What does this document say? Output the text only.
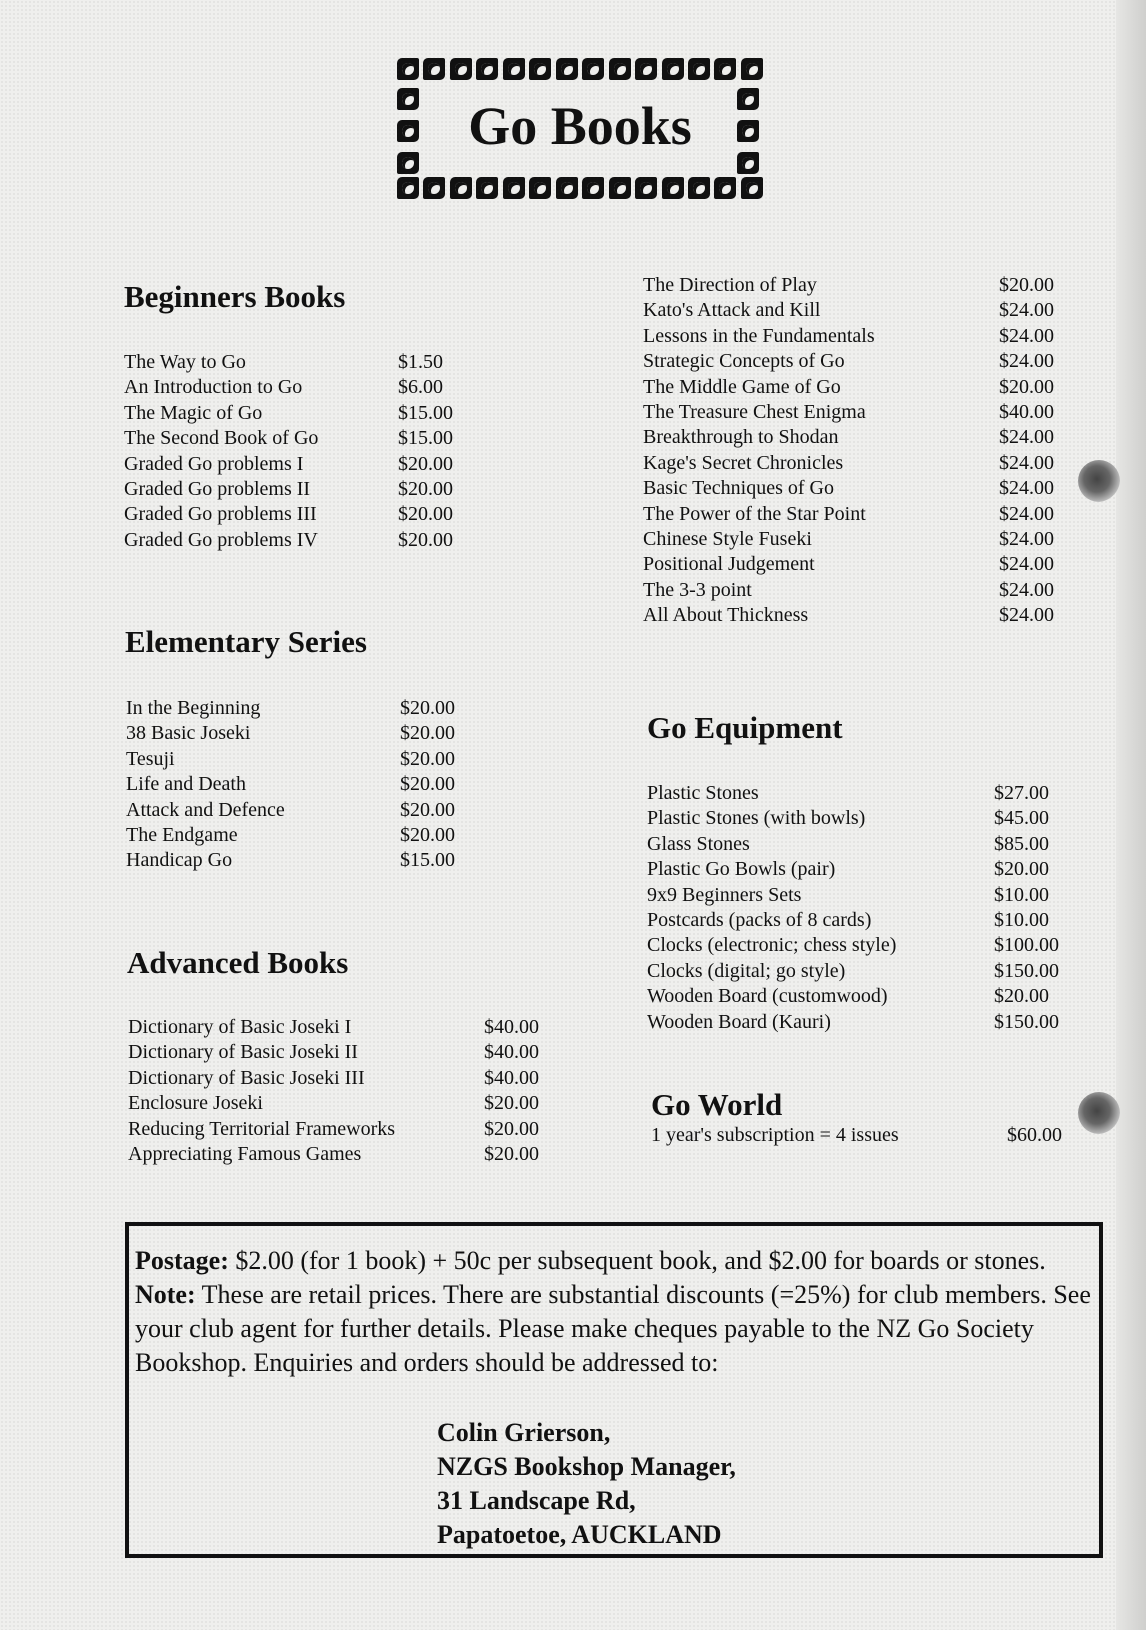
Go Books
Beginners Books
The Way to Go	$1.50
An Introduction to Go	$6.00
The Magic of Go	$15.00
The Second Book of Go	$15.00
Graded Go problems I	$20.00
Graded Go problems II	$20.00
Graded Go problems III	$20.00
Graded Go problems IV	$20.00
Elementary Series
In the Beginning	$20.00
38 Basic Joseki	$20.00
Tesuji	$20.00
Life and Death	$20.00
Attack and Defence	$20.00
The Endgame	$20.00
Handicap Go	$15.00
Advanced Books
Dictionary of Basic Joseki I	$40.00
Dictionary of Basic Joseki II	$40.00
Dictionary of Basic Joseki III	$40.00
Enclosure Joseki	$20.00
Reducing Territorial Frameworks	$20.00
Appreciating Famous Games	$20.00
The Direction of Play	$20.00
Kato's Attack and Kill	$24.00
Lessons in the Fundamentals	$24.00
Strategic Concepts of Go	$24.00
The Middle Game of Go	$20.00
The Treasure Chest Enigma	$40.00
Breakthrough to Shodan	$24.00
Kage's Secret Chronicles	$24.00
Basic Techniques of Go	$24.00
The Power of the Star Point	$24.00
Chinese Style Fuseki	$24.00
Positional Judgement	$24.00
The 3-3 point	$24.00
All About Thickness	$24.00
Go Equipment
Plastic Stones	$27.00
Plastic Stones (with bowls)	$45.00
Glass Stones	$85.00
Plastic Go Bowls (pair)	$20.00
9x9 Beginners Sets	$10.00
Postcards (packs of 8 cards)	$10.00
Clocks (electronic; chess style)	$100.00
Clocks (digital; go style)	$150.00
Wooden Board (customwood)	$20.00
Wooden Board (Kauri)	$150.00
Go World
1 year's subscription = 4 issues	$60.00
Postage: $2.00 (for 1 book) + 50c per subsequent book, and $2.00 for boards or stones. Note: These are retail prices. There are substantial discounts (=25%) for club members. See your club agent for further details. Please make cheques payable to the NZ Go Society Bookshop. Enquiries and orders should be addressed to:
Colin Grierson,
NZGS Bookshop Manager,
31 Landscape Rd,
Papatoetoe, AUCKLAND
